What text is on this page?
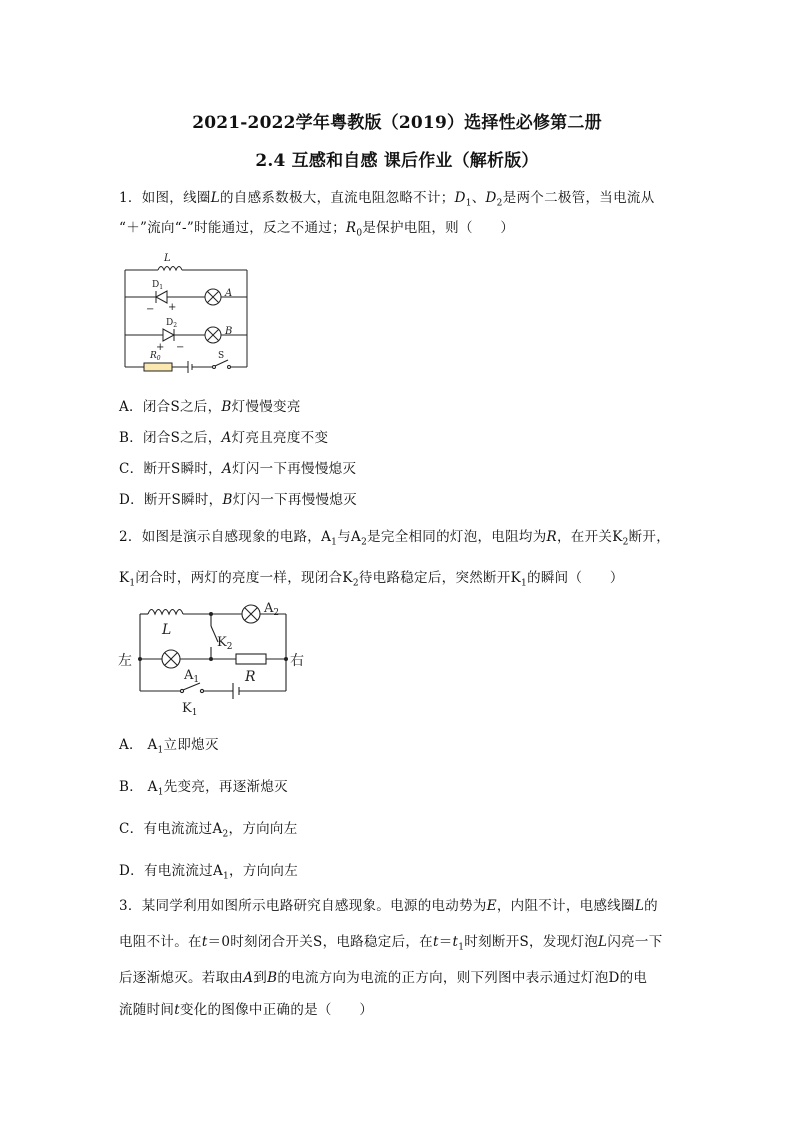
2021-2022学年粤教版（2019）选择性必修第二册
2.4 互感和自感 课后作业（解析版）
1．如图，线圈L的自感系数极大，直流电阻忽略不计；$D_1$、$D_2$是两个二极管，当电流从
“＋”流向“-”时能通过，反之不通过；$R_0$是保护电阻，则（　　）
L
$D_1$
− +
A
$D_2$
+ −
B
$R_0$	S
A．闭合S之后，B灯慢慢变亮
B．闭合S之后，A灯亮且亮度不变
C．断开S瞬时，A灯闪一下再慢慢熄灭
D．断开S瞬时，B灯闪一下再慢慢熄灭
2．如图是演示自感现象的电路，$A_1$与$A_2$是完全相同的灯泡，电阻均为R，在开关$K_2$断开，
$K_1$闭合时，两灯的亮度一样，现闭合$K_2$待电路稳定后，突然断开$K_1$的瞬间（　　）
L
$A_2$
$K_2$
左	右
$A_1$	R
$K_1$
A． $A_1$立即熄灭
B． $A_1$先变亮，再逐渐熄灭
C．有电流流过$A_2$，方向向左
D．有电流流过$A_1$，方向向左
3．某同学利用如图所示电路研究自感现象。电源的电动势为E，内阻不计，电感线圈L的
电阻不计。在t＝0时刻闭合开关S，电路稳定后，在$t=t_1$时刻断开S，发现灯泡L闪亮一下
后逐渐熄灭。若取由A到B的电流方向为电流的正方向，则下列图中表示通过灯泡D的电
流随时间t变化的图像中正确的是（　　）
